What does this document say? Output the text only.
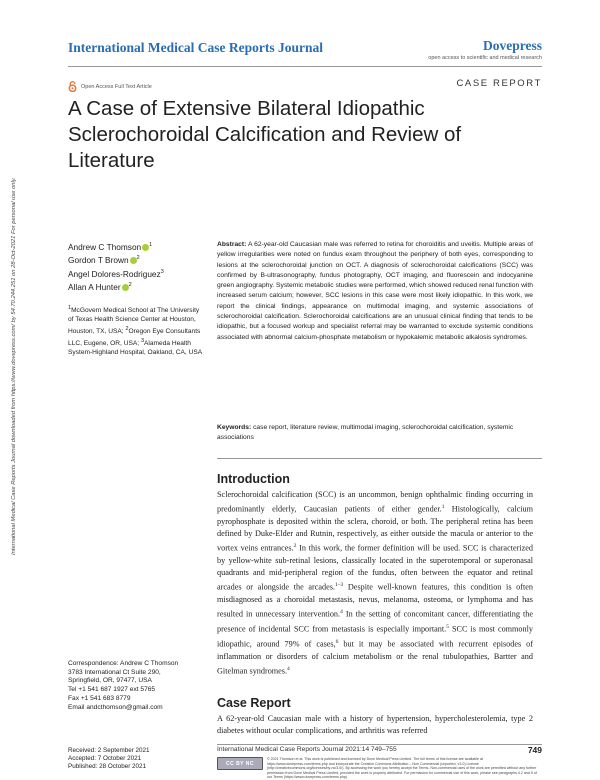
International Medical Case Reports Journal	Dovepress
open access to scientific and medical research
Open Access Full Text Article	CASE REPORT
A Case of Extensive Bilateral Idiopathic Sclerochoroidal Calcification and Review of Literature
International Medical Case Reports Journal downloaded from https://www.dovepress.com/ by 54.70.244.251 on 28-Oct-2021 For personal use only.	Andrew C Thomson $^1$
Gordon T Brown $^2$
Angel Dolores-Rodriguez$^3$
Allan A Hunter $^2$
$^1$McGovern Medical School at The University of Texas Health Science Center at Houston, Houston, TX, USA; $^2$Oregon Eye Consultants LLC, Eugene, OR, USA; $^3$Alameda Health System-Highland Hospital, Oakland, CA, USA
Abstract: A 62-year-old Caucasian male was referred to retina for choroiditis and uveitis. Multiple areas of yellow irregularities were noted on fundus exam throughout the periphery of both eyes, corresponding to lesions at the sclerochoroidal junction on OCT. A diagnosis of sclerochoroidal calcifications (SCC) was confirmed by B-ultrasonography, fundus photography, OCT imaging, and fluorescein and indocyanine green angiography. Systemic metabolic studies were performed, which showed reduced renal function with increased serum calcium; however, SCC lesions in this case were most likely idiopathic. In this work, we report the clinical findings, appearance on multimodal imaging, and systemic associations of sclerochoroidal calcification. Sclerochoroidal calcifications are an unusual clinical finding that tends to be idiopathic, but a focused workup and specialist referral may be warranted to exclude systemic conditions associated with abnormal calcium-phosphate metabolism or hypokalemic metabolic alkalosis syndromes.
Keywords: case report, literature review, multimodal imaging, sclerochoroidal calcification, systemic associations
Introduction
Sclerochoroidal calcification (SCC) is an uncommon, benign ophthalmic finding occurring in predominantly elderly, Caucasian patients of either gender.$^1$ Histologically, calcium pyrophosphate is deposited within the sclera, choroid, or both. The peripheral retina has been defined by Duke-Elder and Rutnin, respectively, as either outside the macula or anterior to the vortex veins entrances.$^2$ In this work, the former definition will be used. SCC is characterized by yellow-white sub-retinal lesions, classically located in the superotemporal or superonasal quadrants and mid-peripheral region of the fundus, often between the equator and retinal arcades or alongside the arcades.$^{1-3}$ Despite well-known features, this condition is often misdiagnosed as a choroidal metastasis, nevus, melanoma, osteoma, or lymphoma and has resulted in unnecessary intervention.$^4$ In the setting of concomitant cancer, differentiating the presence of incidental SCC from metastasis is especially important.$^5$ SCC is most commonly idiopathic, around 79% of cases,$^6$ but it may be associated with recurrent episodes of inflammation or disorders of calcium metabolism or the renal tubulopathies, Bartter and Gitelman syndromes.$^4$
Case Report
A 62-year-old Caucasian male with a history of hypertension, hypercholesterolemia, type 2 diabetes without ocular complications, and arthritis was referred
Correspondence: Andrew C Thomson
3783 International Ct Suite 290,
Springfield, OR, 97477, USA
Tel +1 541 687 1927 ext 5765
Fax +1 541 683 8779
Email andcthomson@gmail.com
International Medical Case Reports Journal 2021:14 749–755	749
Received: 2 September 2021
Accepted: 7 October 2021
Published: 28 October 2021	CC BY NC
© 2021 Thomson et al. This work is published and licensed by Dove Medical Press Limited. The full terms of this license are available at https://www.dovepress.com/terms.php and incorporate the Creative Commons Attribution – Non Commercial (unported, v3.0) License (http://creativecommons.org/licenses/by-nc/3.0/). By accessing the work you hereby accept the Terms. Non-commercial uses of the work are permitted without any further permission from Dove Medical Press Limited, provided the work is properly attributed. For permission for commercial use of this work, please see paragraphs 4.2 and 5 of our Terms (https://www.dovepress.com/terms.php).
